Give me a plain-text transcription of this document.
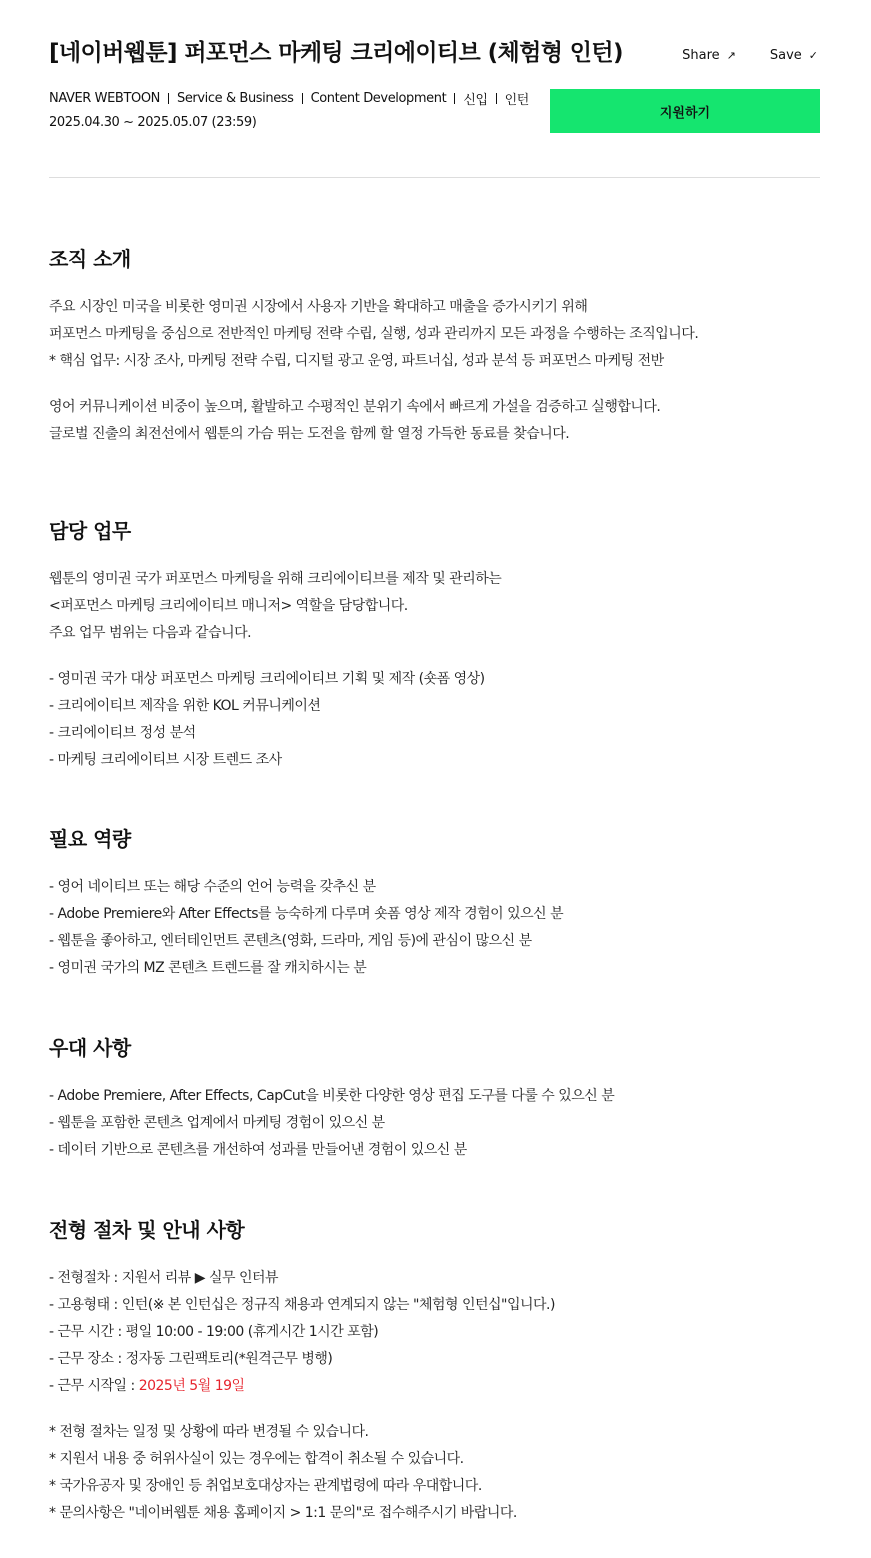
[네이버웹툰] 퍼포먼스 마케팅 크리에이티브 (체험형 인턴)	Share ↗	Save ✓
NAVER WEBTOON Service & Business Content Development 신입 인턴
2025.04.30 ~ 2025.05.07 (23:59)
지원하기
조직 소개
주요 시장인 미국을 비롯한 영미권 시장에서 사용자 기반을 확대하고 매출을 증가시키기 위해
퍼포먼스 마케팅을 중심으로 전반적인 마케팅 전략 수립, 실행, 성과 관리까지 모든 과정을 수행하는 조직입니다.
* 핵심 업무: 시장 조사, 마케팅 전략 수립, 디지털 광고 운영, 파트너십, 성과 분석 등 퍼포먼스 마케팅 전반
영어 커뮤니케이션 비중이 높으며, 활발하고 수평적인 분위기 속에서 빠르게 가설을 검증하고 실행합니다.
글로벌 진출의 최전선에서 웹툰의 가슴 뛰는 도전을 함께 할 열정 가득한 동료를 찾습니다.
담당 업무
웹툰의 영미권 국가 퍼포먼스 마케팅을 위해 크리에이티브를 제작 및 관리하는
<퍼포먼스 마케팅 크리에이티브 매니저> 역할을 담당합니다.
주요 업무 범위는 다음과 같습니다.
- 영미권 국가 대상 퍼포먼스 마케팅 크리에이티브 기획 및 제작 (숏폼 영상)
- 크리에이티브 제작을 위한 KOL 커뮤니케이션
- 크리에이티브 정성 분석
- 마케팅 크리에이티브 시장 트렌드 조사
필요 역량
- 영어 네이티브 또는 해당 수준의 언어 능력을 갖추신 분
- Adobe Premiere와 After Effects를 능숙하게 다루며 숏폼 영상 제작 경험이 있으신 분
- 웹툰을 좋아하고, 엔터테인먼트 콘텐츠(영화, 드라마, 게임 등)에 관심이 많으신 분
- 영미권 국가의 MZ 콘텐츠 트렌드를 잘 캐치하시는 분
우대 사항
- Adobe Premiere, After Effects, CapCut을 비롯한 다양한 영상 편집 도구를 다룰 수 있으신 분
- 웹툰을 포함한 콘텐츠 업계에서 마케팅 경험이 있으신 분
- 데이터 기반으로 콘텐츠를 개선하여 성과를 만들어낸 경험이 있으신 분
전형 절차 및 안내 사항
- 전형절차 : 지원서 리뷰 ▶ 실무 인터뷰
- 고용형태 : 인턴(※ 본 인턴십은 정규직 채용과 연계되지 않는 "체험형 인턴십"입니다.)
- 근무 시간 : 평일 10:00 - 19:00 (휴게시간 1시간 포함)
- 근무 장소 : 정자동 그린팩토리(*원격근무 병행)
- 근무 시작일 : 2025년 5월 19일
* 전형 절차는 일정 및 상황에 따라 변경될 수 있습니다.
* 지원서 내용 중 허위사실이 있는 경우에는 합격이 취소될 수 있습니다.
* 국가유공자 및 장애인 등 취업보호대상자는 관계법령에 따라 우대합니다.
* 문의사항은 "네이버웹툰 채용 홈페이지 > 1:1 문의"로 접수해주시기 바랍니다.
